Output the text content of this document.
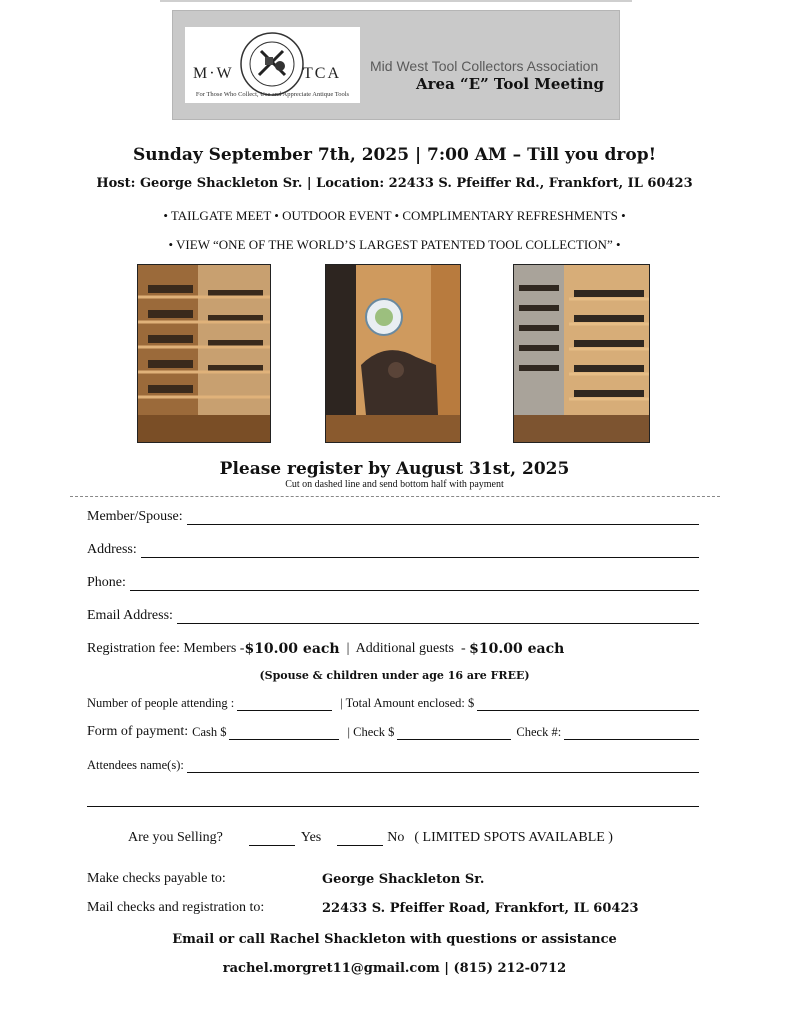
M·W	TCA
For Those Who Collect, Use and Appreciate Antique Tools
Mid West Tool Collectors Association
Area “E” Tool Meeting
Sunday September 7th, 2025 | 7:00 AM – Till you drop!
Host: George Shackleton Sr. | Location: 22433 S. Pfeiffer Rd., Frankfort, IL 60423
• TAILGATE MEET • OUTDOOR EVENT • COMPLIMENTARY REFRESHMENTS •
• VIEW “ONE OF THE WORLD’S LARGEST PATENTED TOOL COLLECTION” •
Please register by August 31st, 2025
Cut on dashed line and send bottom half with payment
Member/Spouse:
Address:
Phone:
Email Address:
Registration fee: Members - $10.00 each |  Additional guests  - $10.00 each
(Spouse & children under age 16 are FREE)
Number of people attending :	| Total Amount enclosed: $
Form of payment: Cash $	| Check $	Check #:
Attendees name(s):
Are you Selling?	Yes	No ( LIMITED SPOTS AVAILABLE )
Make checks payable to:	George Shackleton Sr.
Mail checks and registration to:	22433 S. Pfeiffer Road, Frankfort, IL 60423
Email or call Rachel Shackleton with questions or assistance
rachel.morgret11@gmail.com | (815) 212-0712
